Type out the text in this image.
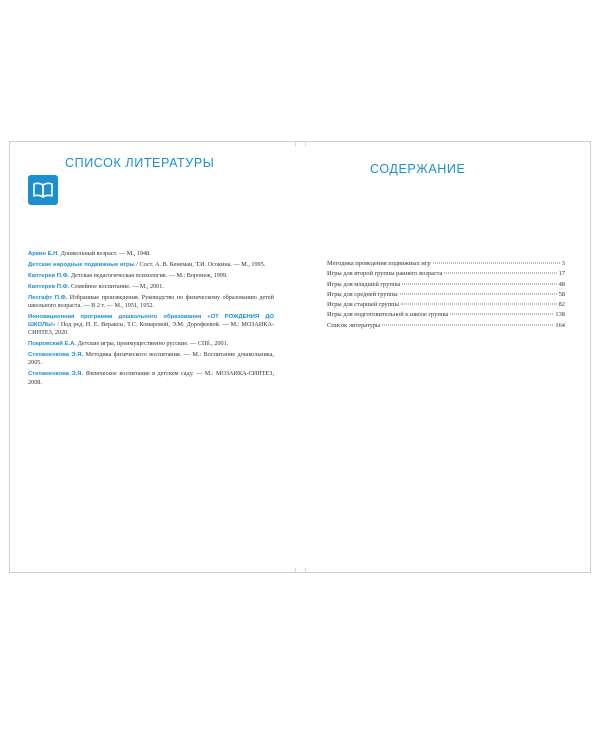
СПИСОК ЛИТЕРАТУРЫ
Аркин Е.Н. Дошкольный возраст. — М., 1948.
Детские народные подвижные игры / Сост. А. В. Кенеман, Т.И. Осокина. — М., 1995.
Каптерев П.Ф. Детская педагогическая психология. — М.: Воронеж, 1999.
Каптерев П.Ф. Семейное воспитание. — М., 2001.
Лесгафт П.Ф. Избранные произведения. Руководство по физическому образованию детей школьного возраста. — В 2 т. — М., 1951, 1952.
Инновационная программа дошкольного образования «ОТ РОЖДЕНИЯ ДО ШКОЛЫ» / Под ред. Н. Е. Вераксы, Т.С. Комаровой, Э.М. Дорофеевой. — М.: МОЗАИКА-СИНТЕЗ, 2020.
Покровский Е.А. Детские игры, преимущественно русские. — СПб., 2001.
Степаненкова Э.Я. Методика физического воспитания. — М.: Воспитание дошкольника, 2005.
Степаненкова Э.Я. Физическое воспитание в детском саду. — М.: МОЗАИКА-СИНТЕЗ, 2008.
СОДЕРЖАНИЕ
Методика проведения подвижных игр	3
Игры для второй группы раннего возраста	17
Игры для младшей группы	48
Игры для средней группы	58
Игры для старшей группы	82
Игры для подготовительной к школе группы	138
Список литературы	164
